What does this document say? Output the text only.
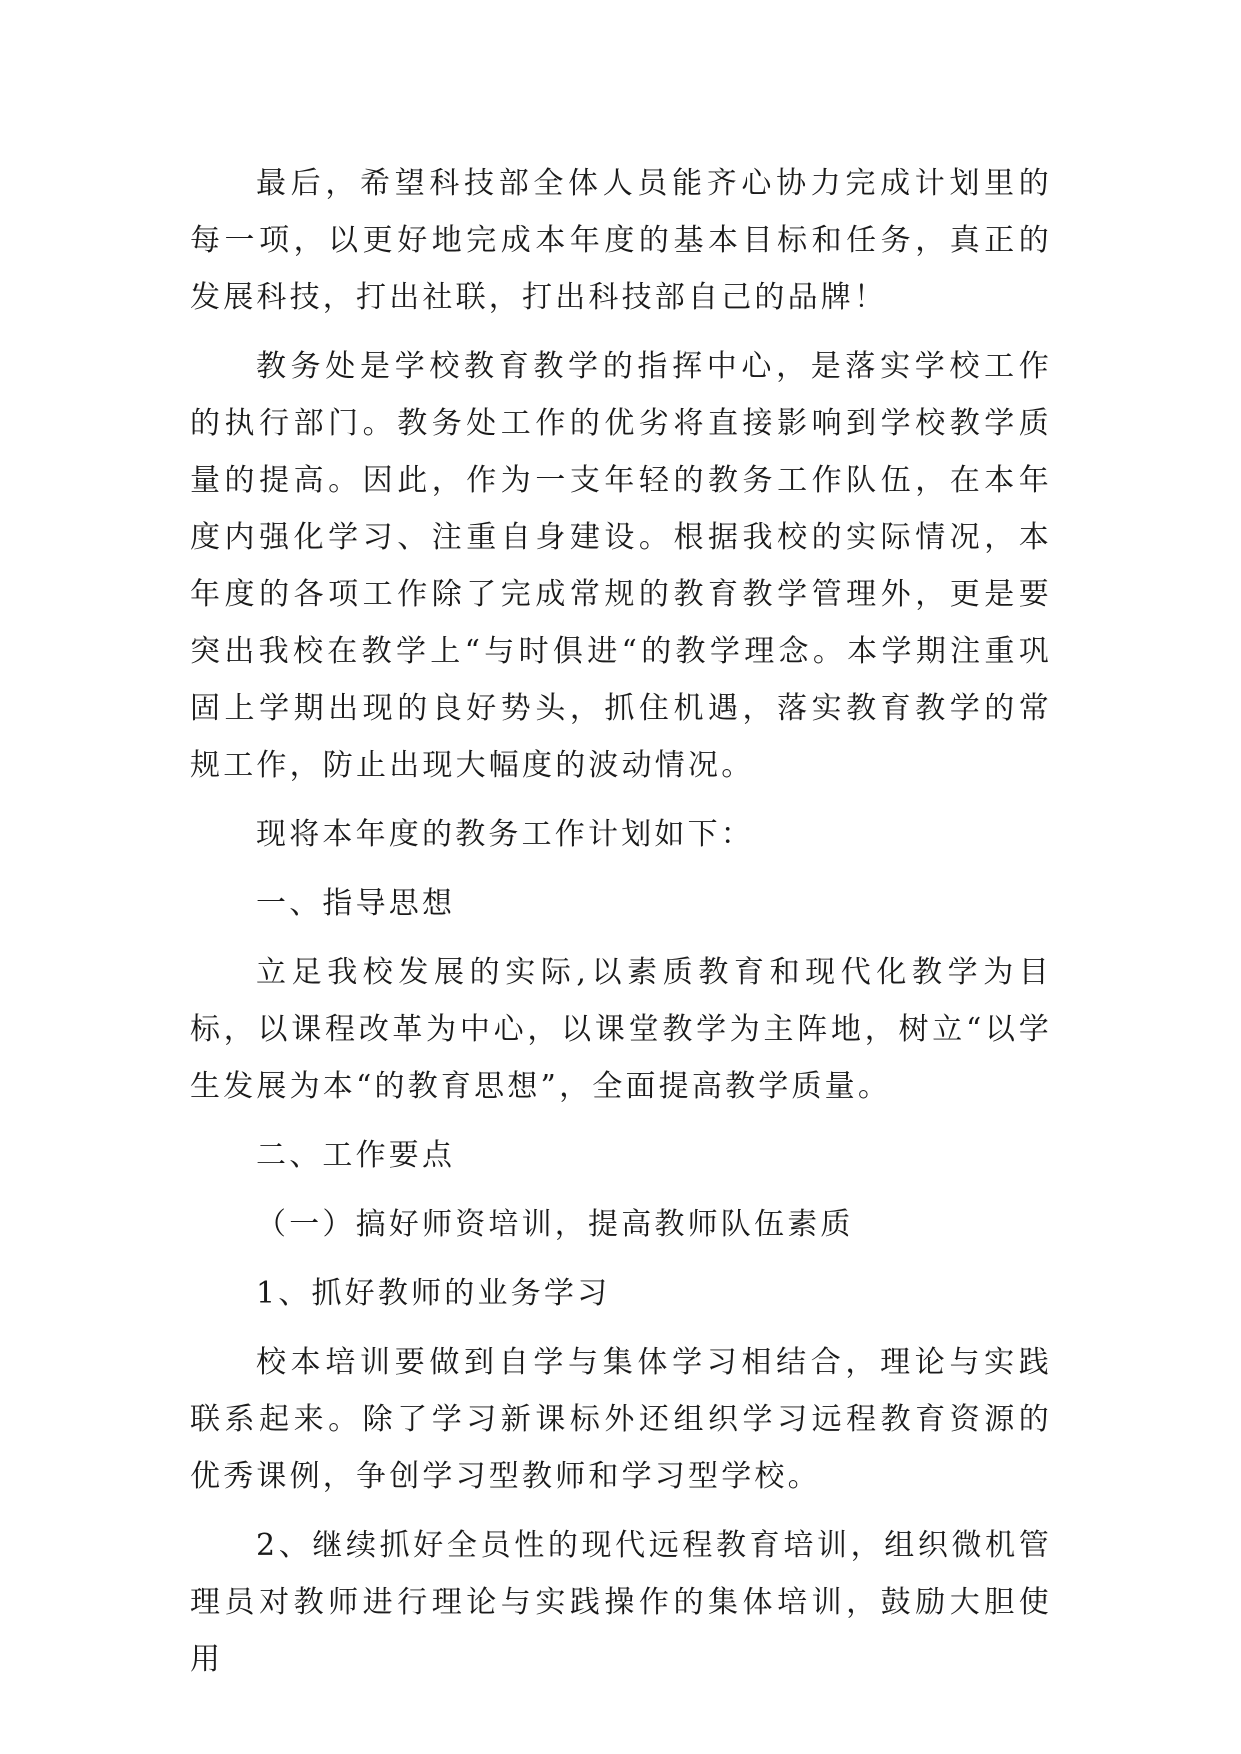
最后，希望科技部全体人员能齐心协力完成计划里的每一项，以更好地完成本年度的基本目标和任务，真正的发展科技，打出社联，打出科技部自己的品牌！

教务处是学校教育教学的指挥中心，是落实学校工作的执行部门。教务处工作的优劣将直接影响到学校教学质量的提高。因此，作为一支年轻的教务工作队伍，在本年度内强化学习、注重自身建设。根据我校的实际情况，本年度的各项工作除了完成常规的教育教学管理外，更是要突出我校在教学上“与时俱进“的教学理念。本学期注重巩固上学期出现的良好势头，抓住机遇，落实教育教学的常规工作，防止出现大幅度的波动情况。

现将本年度的教务工作计划如下：

一、指导思想

立足我校发展的实际,以素质教育和现代化教学为目标，以课程改革为中心，以课堂教学为主阵地，树立“以学生发展为本“的教育思想”，全面提高教学质量。

二、工作要点

（一）搞好师资培训，提高教师队伍素质

1、抓好教师的业务学习

校本培训要做到自学与集体学习相结合，理论与实践联系起来。除了学习新课标外还组织学习远程教育资源的优秀课例，争创学习型教师和学习型学校。

2、继续抓好全员性的现代远程教育培训，组织微机管理员对教师进行理论与实践操作的集体培训，鼓励大胆使用
